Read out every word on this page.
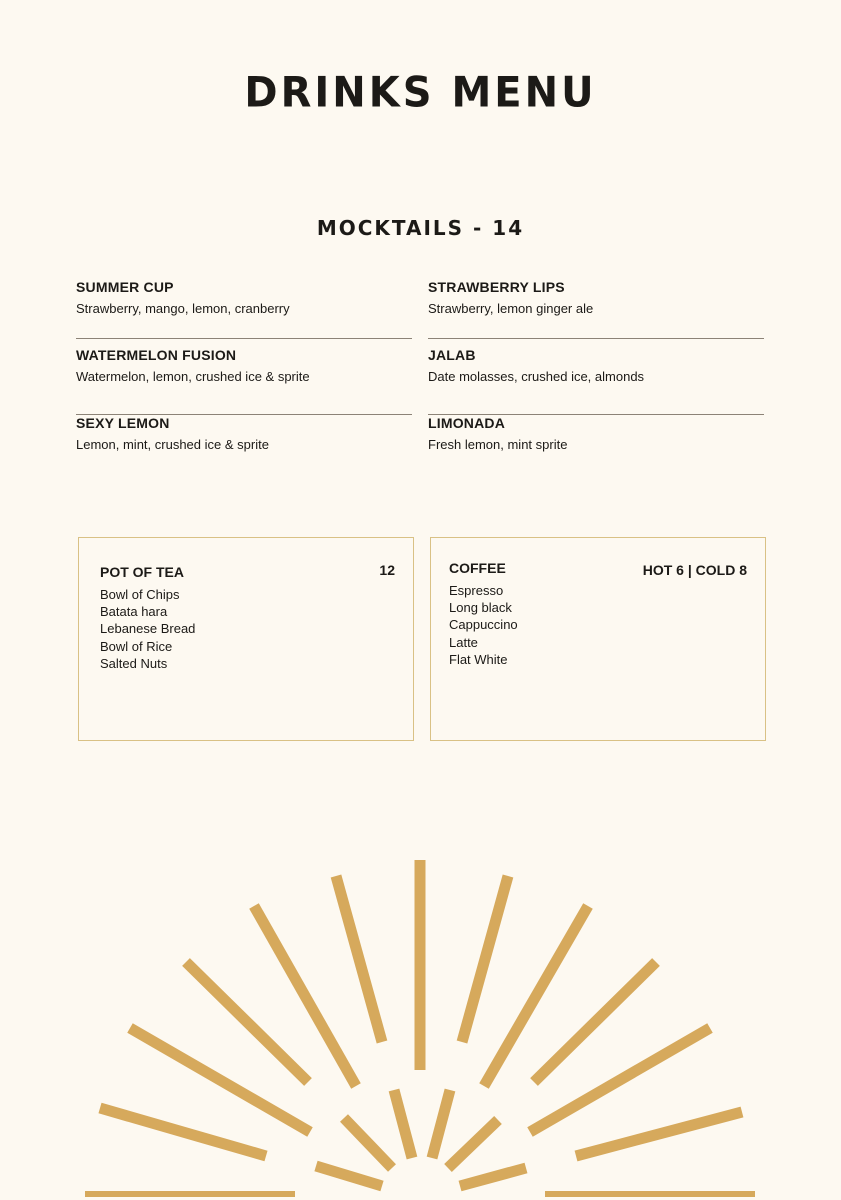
DRINKS MENU
MOCKTAILS - 14
SUMMER CUP
Strawberry, mango, lemon, cranberry
STRAWBERRY LIPS
Strawberry, lemon ginger ale
WATERMELON FUSION
Watermelon, lemon, crushed ice & sprite
JALAB
Date molasses, crushed ice, almonds
SEXY LEMON
Lemon, mint, crushed ice & sprite
LIMONADA
Fresh lemon, mint sprite
POT OF TEA	12
Bowl of Chips
Batata hara
Lebanese Bread
Bowl of Rice
Salted Nuts
COFFEE	HOT 6 | COLD 8
Espresso
Long black
Cappuccino
Latte
Flat White
